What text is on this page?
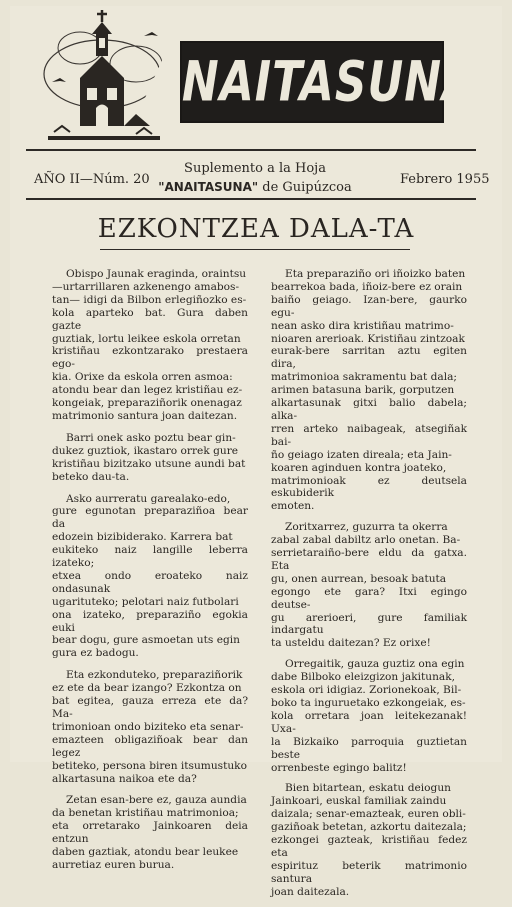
ANAITASUNA
AÑO II—Núm. 20
Suplemento a la Hoja
"ANAITASUNA" de Guipúzcoa
Febrero 1955
EZKONTZEA DALA-TA

Obispo Jaunak eraginda, oraintsu
—urtarrillaren azkenengo amabos-
tan— idigi da Bilbon erlegiñozko es-
kola aparteko bat. Gura daben gazte
guztiak, lortu leikee eskola orretan
kristiñau ezkontzarako prestaera ego-
kia. Orixe da eskola orren asmoa:
atondu bear dan legez kristiñau ez-
kongeiak, preparaziñorik onenagaz
matrimonio santura joan daitezan.

Barri onek asko poztu bear gin-
dukez guztiok, ikastaro orrek gure
kristiñau bizitzako utsune aundi bat
beteko dau-ta.

Asko aurreratu garealako-edo,
gure egunotan preparaziñoa bear da
edozein bizibiderako. Karrera bat
eukiteko naiz langille leberra izateko;
etxea ondo eroateko naiz ondasunak
ugarituteko; pelotari naiz futbolari
ona izateko, preparaziño egokia euki
bear dogu, gure asmoetan uts egin
gura ez badogu.

Eta ezkonduteko, preparaziñorik
ez ete da bear izango? Ezkontza on
bat egitea, gauza erreza ete da? Ma-
trimonioan ondo biziteko eta senar-
emazteen obligaziñoak bear dan legez
betiteko, persona biren itsumustuko
alkartasuna naikoa ete da?

Zetan esan-bere ez, gauza aundia
da benetan kristiñau matrimonioa;
eta orretarako Jainkoaren deia entzun
daben gaztiak, atondu bear leukee
aurretiaz euren burua.

Eta preparaziño ori iñoizko baten
bearrekoa bada, iñoiz-bere ez orain
baiño geiago. Izan-bere, gaurko egu-
nean asko dira kristiñau matrimo-
nioaren arerioak. Kristiñau zintzoak
eurak-bere sarritan aztu egiten dira,
matrimonioa sakramentu bat dala;
arimen batasuna barik, gorputzen
alkartasunak gitxi balio dabela; alka-
rren arteko naibageak, atsegiñak bai-
ño geiago izaten direala; eta Jain-
koaren aginduen kontra joateko,
matrimonioak ez deutsela eskubiderik
emoten.

Zoritxarrez, guzurra ta okerra
zabal zabal dabiltz arlo onetan. Ba-
serrietaraiño-bere eldu da gatxa. Eta
gu, onen aurrean, besoak batuta
egongo ete gara? Itxi egingo deutse-
gu arerioeri, gure familiak indargatu
ta usteldu daitezan? Ez orixe!

Orregaitik, gauza guztiz ona egin
dabe Bilboko eleizgizon jakitunak,
eskola ori idigiaz. Zorionekoak, Bil-
boko ta inguruetako ezkongeiak, es-
kola orretara joan leitekezanak! Uxa-
la Bizkaiko parroquia guztietan beste
orrenbeste egingo balitz!

Bien bitartean, eskatu deiogun
Jainkoari, euskal familiak zaindu
daizala; senar-emazteak, euren obli-
gaziñoak betetan, azkortu daitezala;
ezkongei gazteak, kristiñau fedez eta
espirituz beterik matrimonio santura
joan daitezala.
